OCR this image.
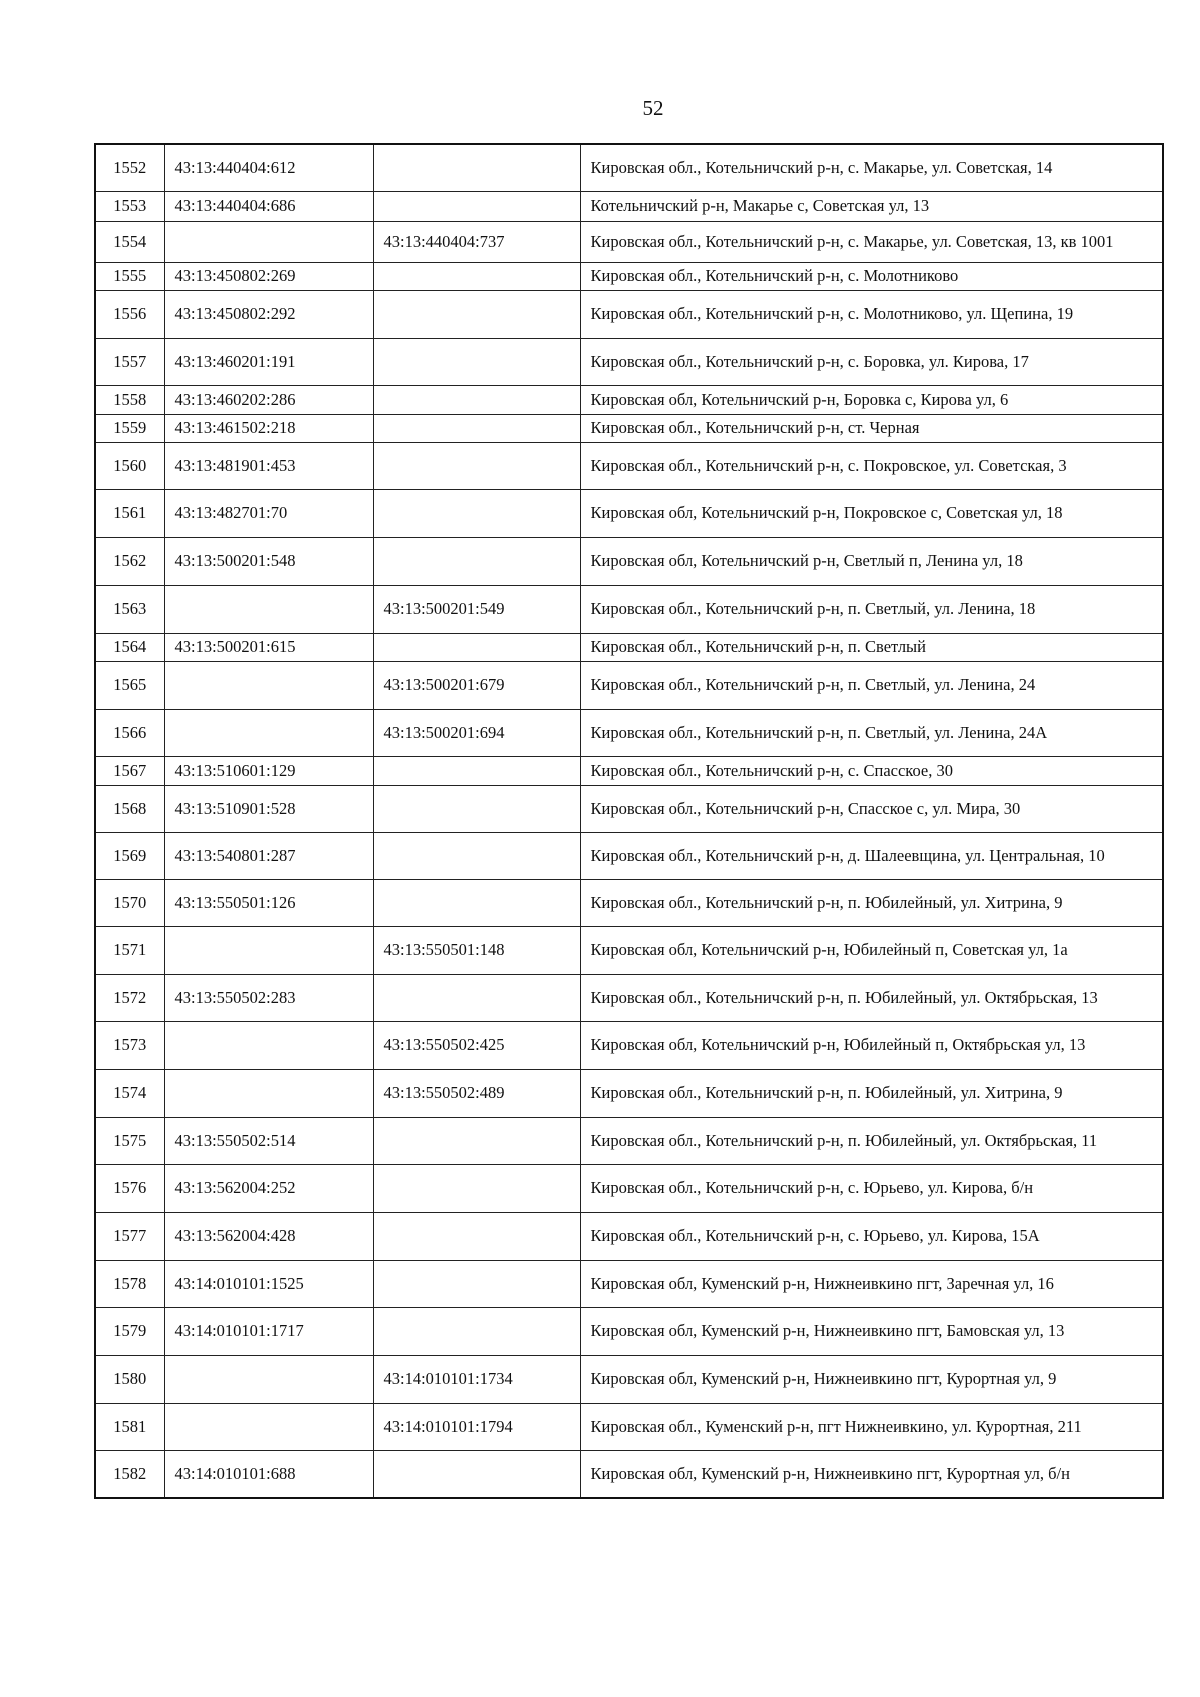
52
1552	43:13:440404:612		Кировская обл., Котельничский р-н, с. Макарье, ул. Советская, 14
1553	43:13:440404:686		Котельничский р-н, Макарье с, Советская ул, 13
1554		43:13:440404:737	Кировская обл., Котельничский р-н, с. Макарье, ул. Советская, 13, кв 1001
1555	43:13:450802:269		Кировская обл., Котельничский р-н, с. Молотниково
1556	43:13:450802:292		Кировская обл., Котельничский р-н, с. Молотниково, ул. Щепина, 19
1557	43:13:460201:191		Кировская обл., Котельничский р-н, с. Боровка, ул. Кирова, 17
1558	43:13:460202:286		Кировская обл, Котельничский р-н, Боровка с, Кирова ул, 6
1559	43:13:461502:218		Кировская обл., Котельничский р-н, ст. Черная
1560	43:13:481901:453		Кировская обл., Котельничский р-н, с. Покровское, ул. Советская, 3
1561	43:13:482701:70		Кировская обл, Котельничский р-н, Покровское с, Советская ул, 18
1562	43:13:500201:548		Кировская обл, Котельничский р-н, Светлый п, Ленина ул, 18
1563		43:13:500201:549	Кировская обл., Котельничский р-н, п. Светлый, ул. Ленина, 18
1564	43:13:500201:615		Кировская обл., Котельничский р-н, п. Светлый
1565		43:13:500201:679	Кировская обл., Котельничский р-н, п. Светлый, ул. Ленина, 24
1566		43:13:500201:694	Кировская обл., Котельничский р-н, п. Светлый, ул. Ленина, 24А
1567	43:13:510601:129		Кировская обл., Котельничский р-н, с. Спасское, 30
1568	43:13:510901:528		Кировская обл., Котельничский р-н, Спасское с, ул. Мира, 30
1569	43:13:540801:287		Кировская обл., Котельничский р-н, д. Шалеевщина, ул. Центральная, 10
1570	43:13:550501:126		Кировская обл., Котельничский р-н, п. Юбилейный, ул. Хитрина, 9
1571		43:13:550501:148	Кировская обл, Котельничский р-н, Юбилейный п, Советская ул, 1а
1572	43:13:550502:283		Кировская обл., Котельничский р-н, п. Юбилейный, ул. Октябрьская, 13
1573		43:13:550502:425	Кировская обл, Котельничский р-н, Юбилейный п, Октябрьская ул, 13
1574		43:13:550502:489	Кировская обл., Котельничский р-н, п. Юбилейный, ул. Хитрина, 9
1575	43:13:550502:514		Кировская обл., Котельничский р-н, п. Юбилейный, ул. Октябрьская, 11
1576	43:13:562004:252		Кировская обл., Котельничский р-н, с. Юрьево, ул. Кирова, б/н
1577	43:13:562004:428		Кировская обл., Котельничский р-н, с. Юрьево, ул. Кирова, 15А
1578	43:14:010101:1525		Кировская обл, Куменский р-н, Нижнеивкино пгт, Заречная ул, 16
1579	43:14:010101:1717		Кировская обл, Куменский р-н, Нижнеивкино пгт, Бамовская ул, 13
1580		43:14:010101:1734	Кировская обл, Куменский р-н, Нижнеивкино пгт, Курортная ул, 9
1581		43:14:010101:1794	Кировская обл., Куменский р-н, пгт Нижнеивкино, ул. Курортная, 211
1582	43:14:010101:688		Кировская обл, Куменский р-н, Нижнеивкино пгт, Курортная ул, б/н
